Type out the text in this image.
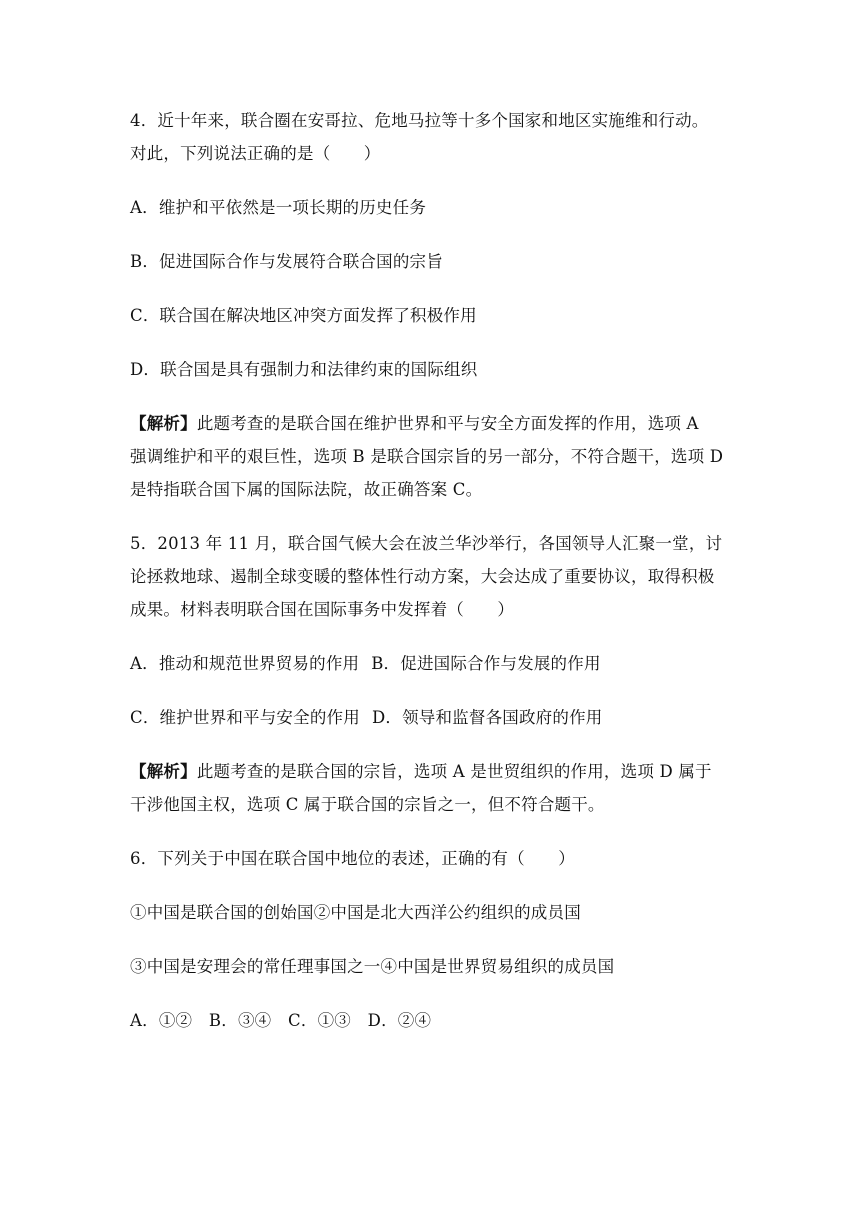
4．近十年来，联合圈在安哥拉、危地马拉等十多个国家和地区实施维和行动。
对此，下列说法正确的是（　　）
A．维护和平依然是一项长期的历史任务
B．促进国际合作与发展符合联合国的宗旨
C．联合国在解决地区冲突方面发挥了积极作用
D．联合国是具有强制力和法律约束的国际组织
【解析】此题考查的是联合国在维护世界和平与安全方面发挥的作用，选项 A
强调维护和平的艰巨性，选项 B 是联合国宗旨的另一部分，不符合题干，选项 D
是特指联合国下属的国际法院，故正确答案 C。
5．2013 年 11 月，联合国气候大会在波兰华沙举行，各国领导人汇聚一堂，讨
论拯救地球、遏制全球变暖的整体性行动方案，大会达成了重要协议，取得积极
成果。材料表明联合国在国际事务中发挥着（　　）
A．推动和规范世界贸易的作用 B．促进国际合作与发展的作用
C．维护世界和平与安全的作用 D．领导和监督各国政府的作用
【解析】此题考查的是联合国的宗旨，选项 A 是世贸组织的作用，选项 D 属于
干涉他国主权，选项 C 属于联合国的宗旨之一，但不符合题干。
6．下列关于中国在联合国中地位的表述，正确的有（　　）
①中国是联合国的创始国②中国是北大西洋公约组织的成员国
③中国是安理会的常任理事国之一④中国是世界贸易组织的成员国
A．①②　B．③④　C．①③　D．②④
